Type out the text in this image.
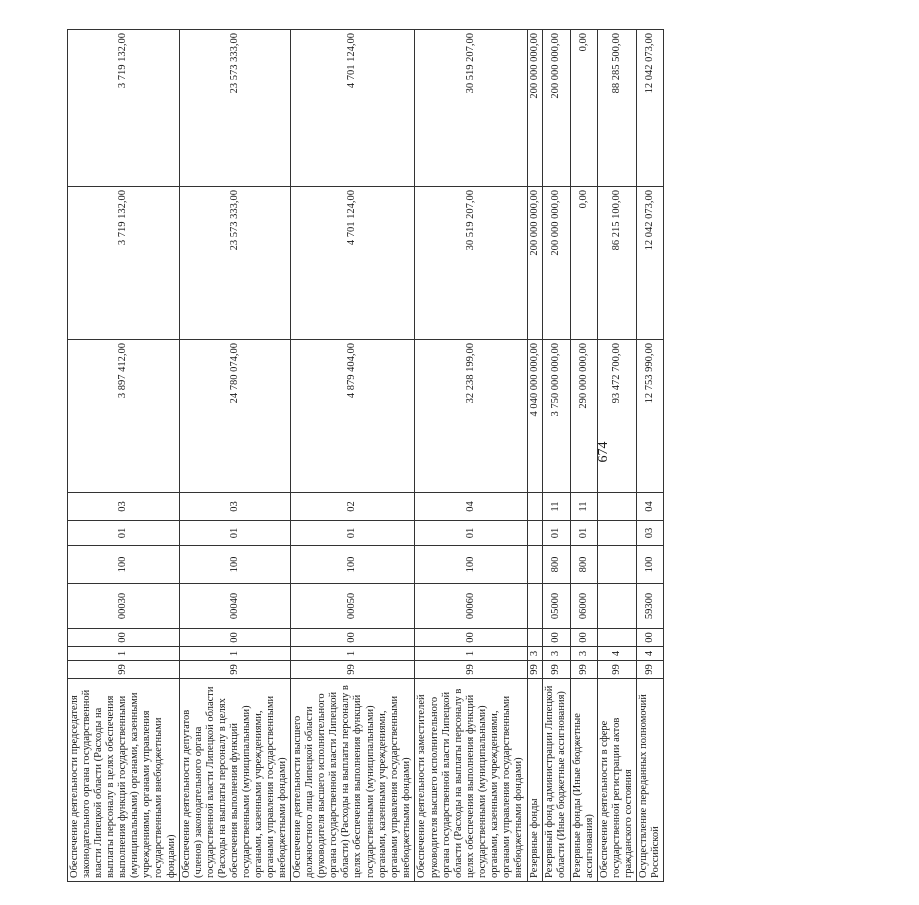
674
Обеспечение деятельности председателя законодательного органа государственной власти Липецкой области (Расходы на выплаты персоналу в целях обеспечения выполнения функций государственными (муниципальными) органами, казенными учреждениями, органами управления государственными внебюджетными фондами)	99	1	00	00030	100	01	03	3 897 412,00	3 719 132,00	3 719 132,00
Обеспечение деятельности депутатов (членов) законодательного органа государственной власти Липецкой области (Расходы на выплаты персоналу в целях обеспечения выполнения функций государственными (муниципальными) органами, казенными учреждениями, органами управления государственными внебюджетными фондами)	99	1	00	00040	100	01	03	24 780 074,00	23 573 333,00	23 573 333,00
Обеспечение деятельности высшего должностного лица Липецкой области (руководителя высшего исполнительного органа государственной власти Липецкой области) (Расходы на выплаты персоналу в целях обеспечения выполнения функций государственными (муниципальными) органами, казенными учреждениями, органами управления государственными внебюджетными фондами)	99	1	00	00050	100	01	02	4 879 404,00	4 701 124,00	4 701 124,00
Обеспечение деятельности заместителей руководителя высшего исполнительного органа государственной власти Липецкой области (Расходы на выплаты персоналу в целях обеспечения выполнения функций государственными (муниципальными) органами, казенными учреждениями, органами управления государственными внебюджетными фондами)	99	1	00	00060	100	01	04	32 238 199,00	30 519 207,00	30 519 207,00
Резервные фонды	99	3						4 040 000 000,00	200 000 000,00	200 000 000,00
Резервный фонд администрации Липецкой области (Иные бюджетные ассигнования)	99	3	00	05000	800	01	11	3 750 000 000,00	200 000 000,00	200 000 000,00
Резервные фонды (Иные бюджетные ассигнования)	99	3	00	06000	800	01	11	290 000 000,00	0,00	0,00
Обеспечение деятельности в сфере государственной регистрации актов гражданского состояния	99	4						93 472 700,00	86 215 100,00	88 285 500,00
Осуществление переданных полномочий Российской	99	4	00	59300	100	03	04	12 753 990,00	12 042 073,00	12 042 073,00
